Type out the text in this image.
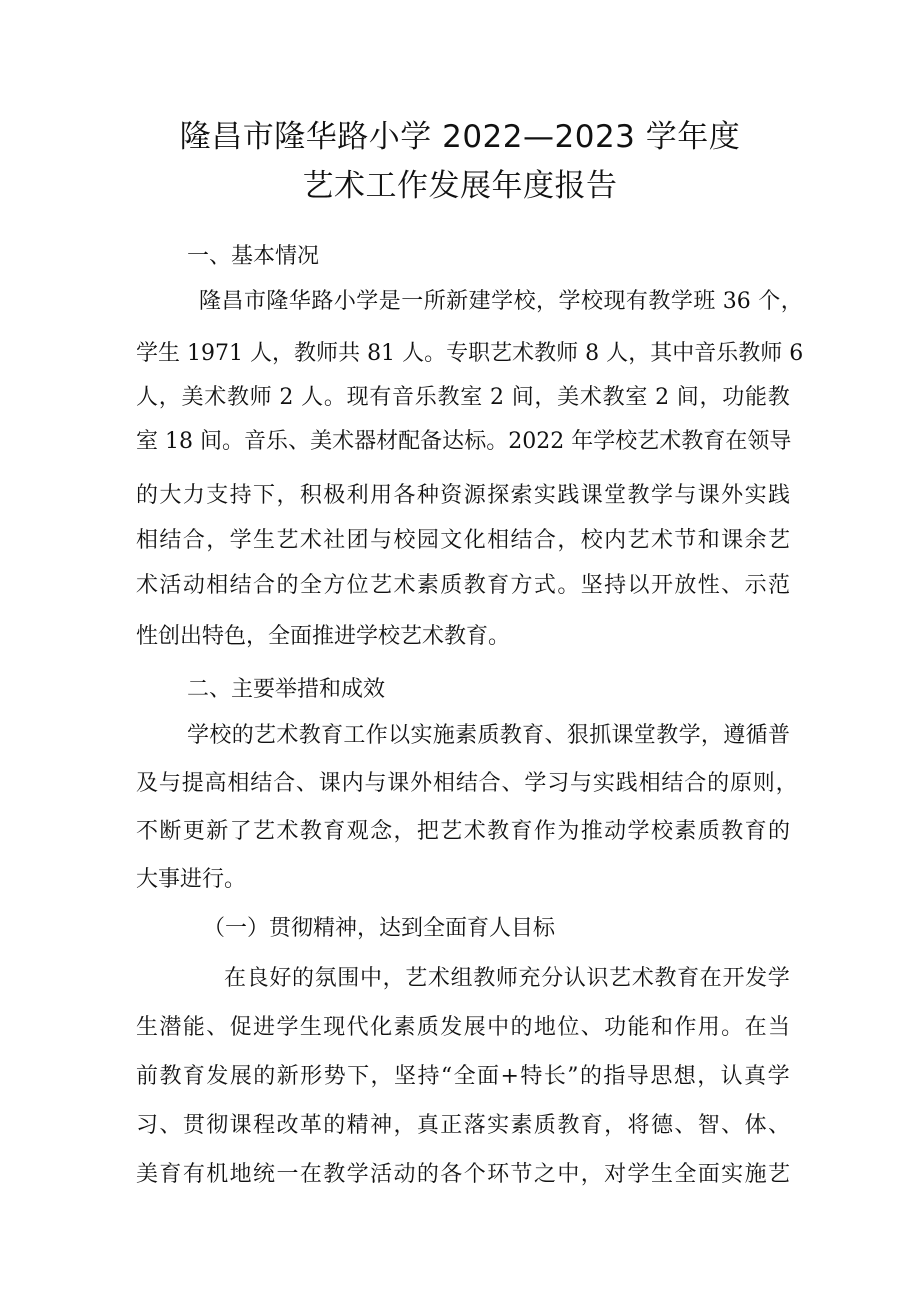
隆昌市隆华路小学 2022—2023 学年度
艺术工作发展年度报告
一、基本情况
隆 昌 市 隆 华 路 小 学 是 一 所 新 建 学 校 ， 学 校 现 有 教 学 班 36 个 ，
学 生 1971 人 ， 教 师 共 81 人 。 专 职 艺 术 教 师 8 人 ， 其 中 音 乐 教 师 6
人 ， 美 术 教 师 2 人 。 现 有 音 乐 教 室 2 间 ， 美 术 教 室 2 间 ， 功 能 教
室 18 间 。 音 乐 、 美 术 器 材 配 备 达 标 。 2022 年 学 校 艺 术 教 育 在 领 导
的 大 力 支 持 下 ， 积 极 利 用 各 种 资 源 探 索 实 践 课 堂 教 学 与 课 外 实 践
相 结 合 ， 学 生 艺 术 社 团 与 校 园 文 化 相 结 合 ， 校 内 艺 术 节 和 课 余 艺
术 活 动 相 结 合 的 全 方 位 艺 术 素 质 教 育 方 式 。 坚 持 以 开 放 性 、 示 范
性创出特色，全面推进学校艺术教育。
二、主要举措和成效
学 校 的 艺 术 教 育 工 作 以 实 施 素 质 教 育 、 狠 抓 课 堂 教 学 ， 遵 循 普
及 与 提 高 相 结 合 、 课 内 与 课 外 相 结 合 、 学 习 与 实 践 相 结 合 的 原 则 ，
不 断 更 新 了 艺 术 教 育 观 念 ， 把 艺 术 教 育 作 为 推 动 学 校 素 质 教 育 的
大事进行。
（一）贯彻精神，达到全面育人目标
在 良 好 的 氛 围 中 ， 艺 术 组 教 师 充 分 认 识 艺 术 教 育 在 开 发 学
生 潜 能 、 促 进 学 生 现 代 化 素 质 发 展 中 的 地 位 、 功 能 和 作 用 。 在 当
前 教 育 发 展 的 新 形 势 下 ， 坚 持 “ 全 面 + 特 长 ” 的 指 导 思 想 ， 认 真 学
习 、 贯 彻 课 程 改 革 的 精 神 ， 真 正 落 实 素 质 教 育 ， 将 德 、 智 、 体 、
美 育 有 机 地 统 一 在 教 学 活 动 的 各 个 环 节 之 中 ， 对 学 生 全 面 实 施 艺
